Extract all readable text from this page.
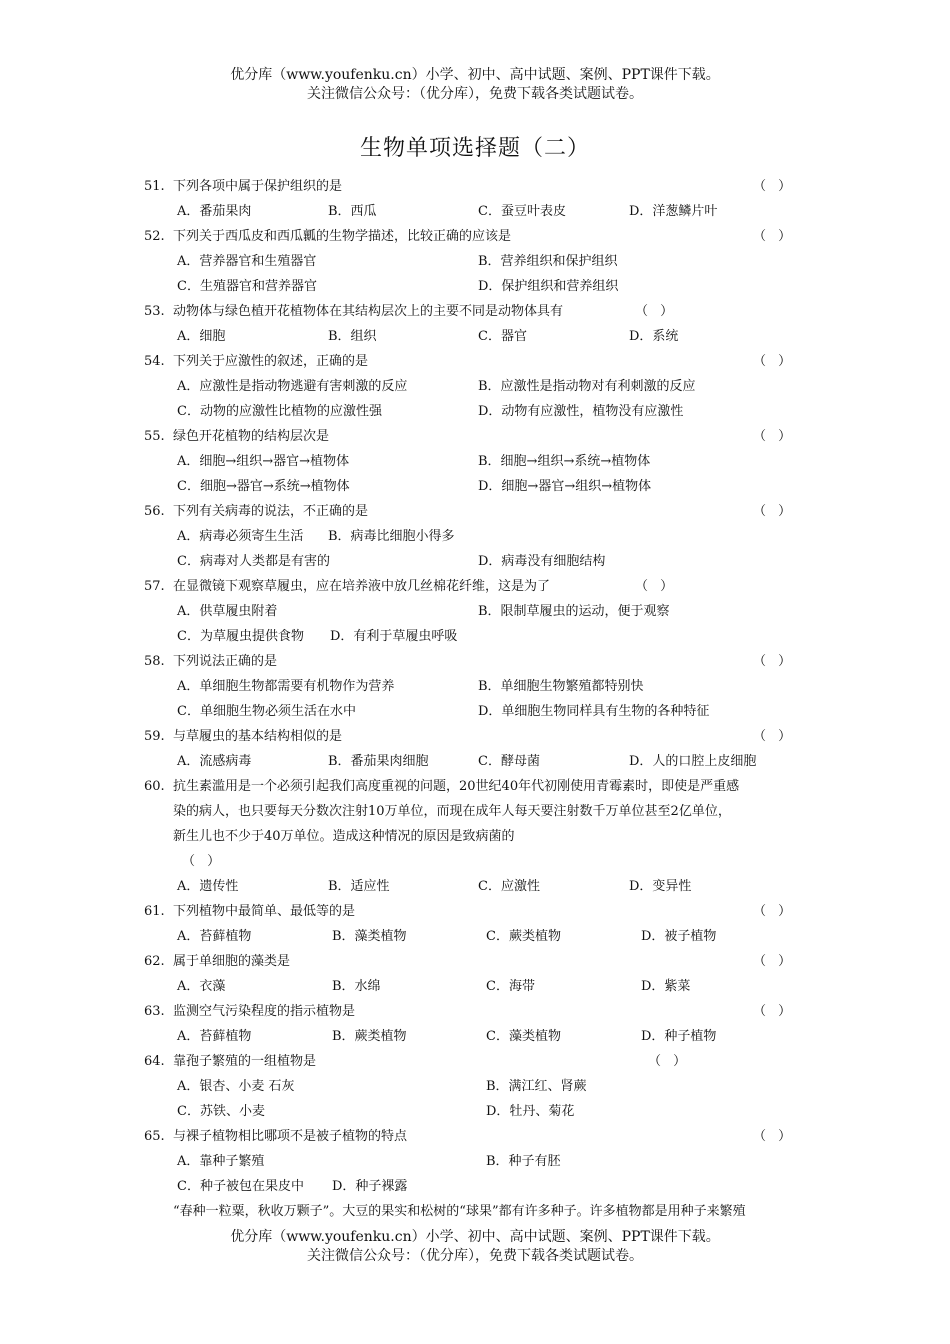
优分库（www.youfenku.cn）小学、初中、高中试题、案例、PPT课件下载。
关注微信公众号：（优分库），免费下载各类试题试卷。
生物单项选择题（二）
51. 下列各项中属于保护组织的是	（ ）
A．番茄果肉	B．西瓜	C．蚕豆叶表皮	D．洋葱鳞片叶
52. 下列关于西瓜皮和西瓜瓤的生物学描述，比较正确的应该是	（ ）
A．营养器官和生殖器官	B．营养组织和保护组织
C．生殖器官和营养器官	D．保护组织和营养组织
53. 动物体与绿色植开花植物体在其结构层次上的主要不同是动物体具有	（ ）
A．细胞	B．组织	C．器官	D．系统
54. 下列关于应激性的叙述，正确的是	（ ）
A．应激性是指动物逃避有害刺激的反应	B．应激性是指动物对有利刺激的反应
C．动物的应激性比植物的应激性强	D．动物有应激性，植物没有应激性
55. 绿色开花植物的结构层次是	（ ）
A．细胞→组织→器官→植物体	B．细胞→组织→系统→植物体
C．细胞→器官→系统→植物体	D．细胞→器官→组织→植物体
56. 下列有关病毒的说法，不正确的是	（ ）
A．病毒必须寄生生活 B．病毒比细胞小得多
C．病毒对人类都是有害的	D．病毒没有细胞结构
57. 在显微镜下观察草履虫，应在培养液中放几丝棉花纤维，这是为了	（ ）
A．供草履虫附着	B．限制草履虫的运动，便于观察
C．为草履虫提供食物 D．有利于草履虫呼吸
58. 下列说法正确的是	（ ）
A．单细胞生物都需要有机物作为营养	B．单细胞生物繁殖都特别快
C．单细胞生物必须生活在水中	D．单细胞生物同样具有生物的各种特征
59. 与草履虫的基本结构相似的是	（ ）
A．流感病毒	B．番茄果肉细胞	C．酵母菌	D．人的口腔上皮细胞
60. 抗生素滥用是一个必须引起我们高度重视的问题，20世纪40年代初刚使用青霉素时，即使是严重感
染的病人，也只要每天分数次注射10万单位，而现在成年人每天要注射数千万单位甚至2亿单位，
新生儿也不少于40万单位。造成这种情况的原因是致病菌的
（ ）
A．遗传性	B．适应性	C．应激性	D．变异性
61. 下列植物中最简单、最低等的是	（ ）
A．苔藓植物	B．藻类植物	C．蕨类植物	D．被子植物
62. 属于单细胞的藻类是	（ ）
A．衣藻	B．水绵	C．海带	D．紫菜
63. 监测空气污染程度的指示植物是	（ ）
A．苔藓植物	B．蕨类植物	C．藻类植物	D．种子植物
64. 靠孢子繁殖的一组植物是	（ ）
A．银杏、小麦 石灰	B．满江红、肾蕨
C．苏铁、小麦	D．牡丹、菊花
65. 与裸子植物相比哪项不是被子植物的特点	（ ）
A．靠种子繁殖	B．种子有胚
C．种子被包在果皮中 D．种子裸露
“春种一粒粟，秋收万颗子”。大豆的果实和松树的“球果”都有许多种子。许多植物都是用种子来繁殖
优分库（www.youfenku.cn）小学、初中、高中试题、案例、PPT课件下载。
关注微信公众号：（优分库），免费下载各类试题试卷。
